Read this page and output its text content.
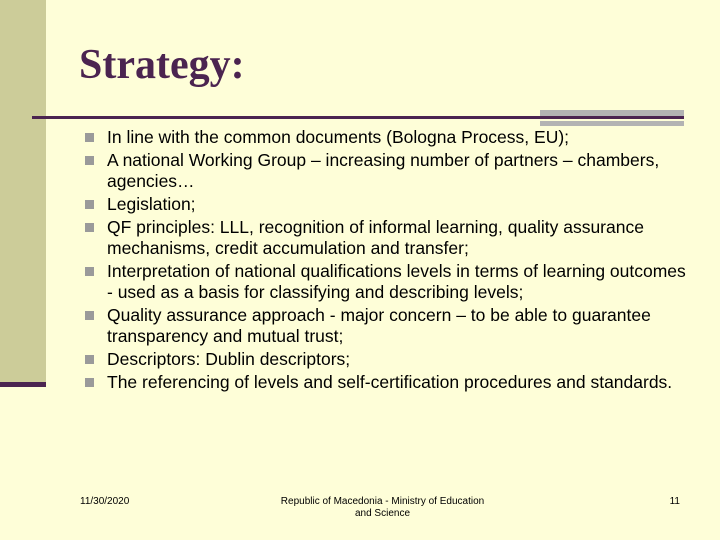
Strategy:
In line with the common documents (Bologna Process, EU);
A national Working Group – increasing number of partners – chambers, agencies…
Legislation;
QF principles: LLL, recognition of informal learning, quality assurance mechanisms, credit accumulation and transfer;
Interpretation of national qualifications levels in terms of learning outcomes - used as a basis for classifying and describing levels;
Quality assurance approach - major concern – to be able to guarantee transparency and mutual trust;
Descriptors: Dublin descriptors;
The referencing of levels and self-certification procedures and standards.
11/30/2020	Republic of Macedonia - Ministry of Education
and Science
11
